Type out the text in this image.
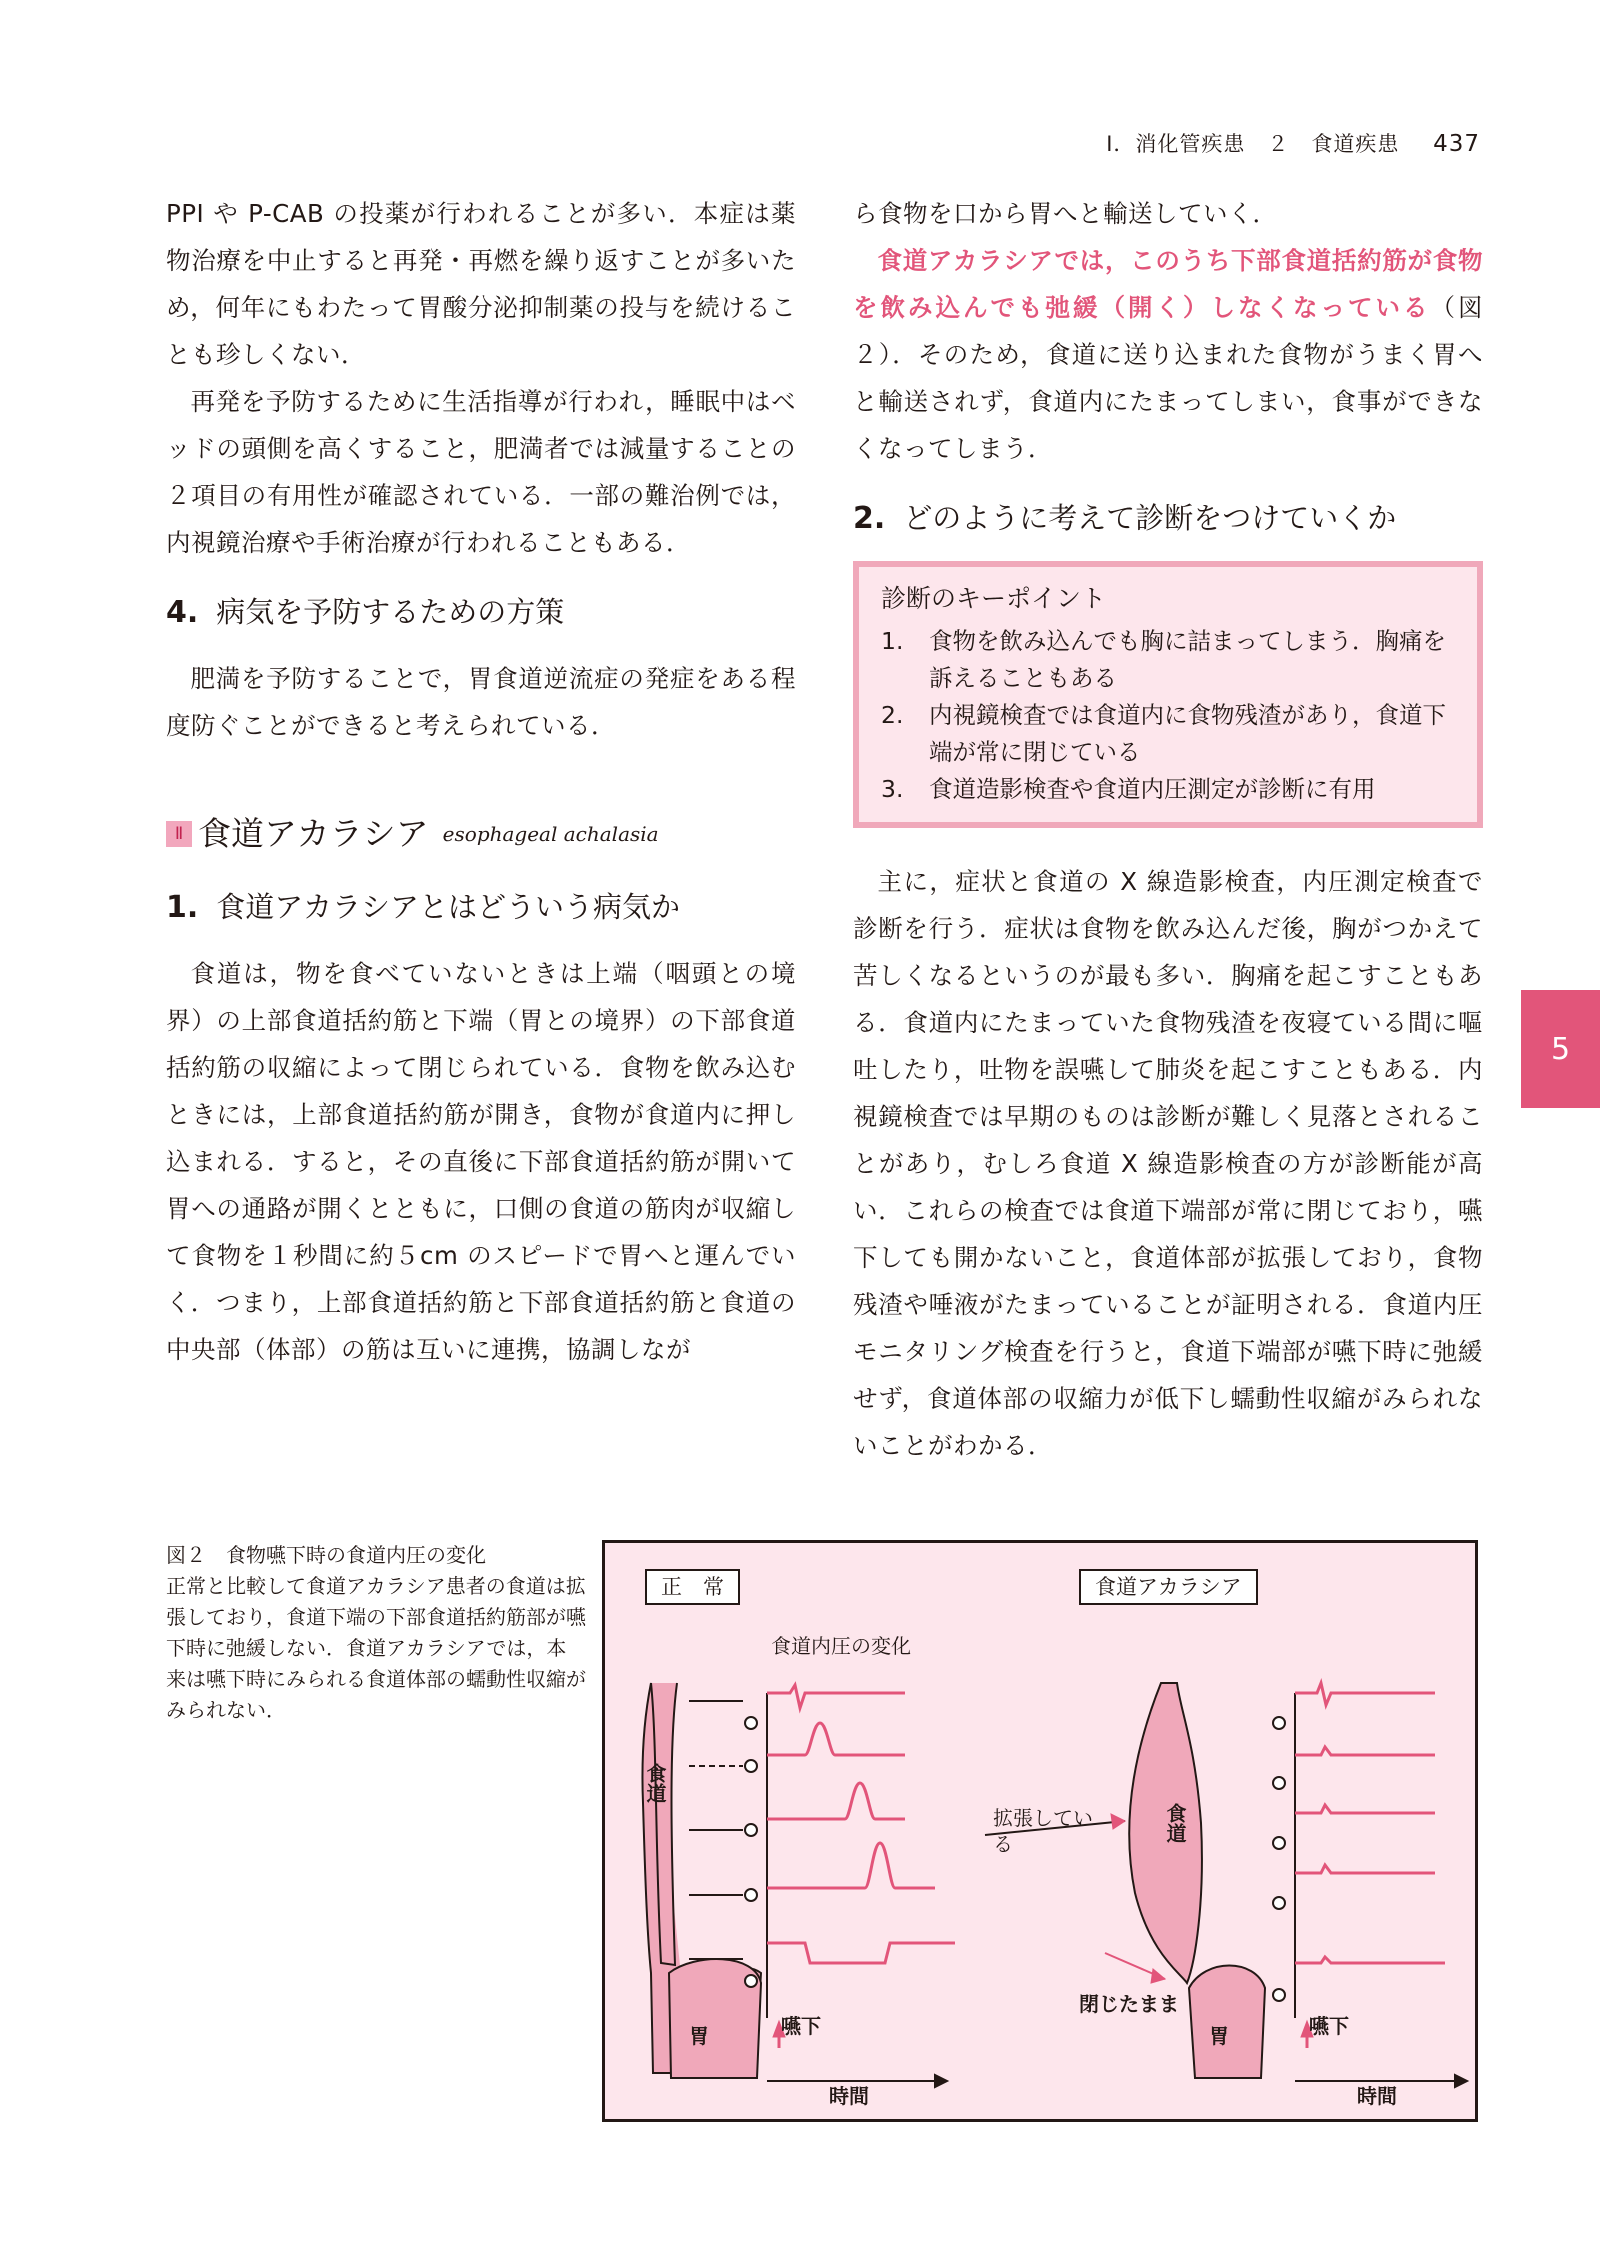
Ⅰ．消化管疾患　２　食道疾患 437
5

PPI や P-CAB の投薬が行われることが多い．本症は薬物治療を中止すると再発・再燃を繰り返すことが多いため，何年にもわたって胃酸分泌抑制薬の投与を続けることも珍しくない．

再発を予防するために生活指導が行われ，睡眠中はベッドの頭側を高くすること，肥満者では減量することの２項目の有用性が確認されている．一部の難治例では，内視鏡治療や手術治療が行われることもある．

4. 病気を予防するための方策

肥満を予防することで，胃食道逆流症の発症をある程度防ぐことができると考えられている．

Ⅱ 食道アカラシア esophageal achalasia
1. 食道アカラシアとはどういう病気か

食道は，物を食べていないときは上端（咽頭との境界）の上部食道括約筋と下端（胃との境界）の下部食道括約筋の収縮によって閉じられている．食物を飲み込むときには，上部食道括約筋が開き，食物が食道内に押し込まれる．すると，その直後に下部食道括約筋が開いて胃への通路が開くとともに，口側の食道の筋肉が収縮して食物を１秒間に約５cm のスピードで胃へと運んでいく．つまり，上部食道括約筋と下部食道括約筋と食道の中央部（体部）の筋は互いに連携，協調しなが

ら食物を口から胃へと輸送していく．

食道アカラシアでは，このうち下部食道括約筋が食物を飲み込んでも弛緩（開く）しなくなっている（図２）．そのため，食道に送り込まれた食物がうまく胃へと輸送されず，食道内にたまってしまい，食事ができなくなってしまう．

2. どのように考えて診断をつけていくか
診断のキーポイント
1. 食物を飲み込んでも胸に詰まってしまう．胸痛を訴えることもある
2. 内視鏡検査では食道内に食物残渣があり，食道下端が常に閉じている
3. 食道造影検査や食道内圧測定が診断に有用

主に，症状と食道の X 線造影検査，内圧測定検査で診断を行う．症状は食物を飲み込んだ後，胸がつかえて苦しくなるというのが最も多い．胸痛を起こすこともある．食道内にたまっていた食物残渣を夜寝ている間に嘔吐したり，吐物を誤嚥して肺炎を起こすこともある．内視鏡検査では早期のものは診断が難しく見落とされることがあり，むしろ食道 X 線造影検査の方が診断能が高い．これらの検査では食道下端部が常に閉じており，嚥下しても開かないこと，食道体部が拡張しており，食物残渣や唾液がたまっていることが証明される．食道内圧モニタリング検査を行うと，食道下端部が嚥下時に弛緩せず，食道体部の収縮力が低下し蠕動性収縮がみられないことがわかる．

図２　食物嚥下時の食道内圧の変化
正常と比較して食道アカラシア患者の食道は拡張しており，食道下端の下部食道括約筋部が嚥下時に弛緩しない．食道アカラシアでは，本来は嚥下時にみられる食道体部の蠕動性収縮がみられない．
正　常	食道アカラシア
食道内圧の変化
食道
食道
胃	胃
拡張している
閉じたまま
嚥下	嚥下
時間	時間
